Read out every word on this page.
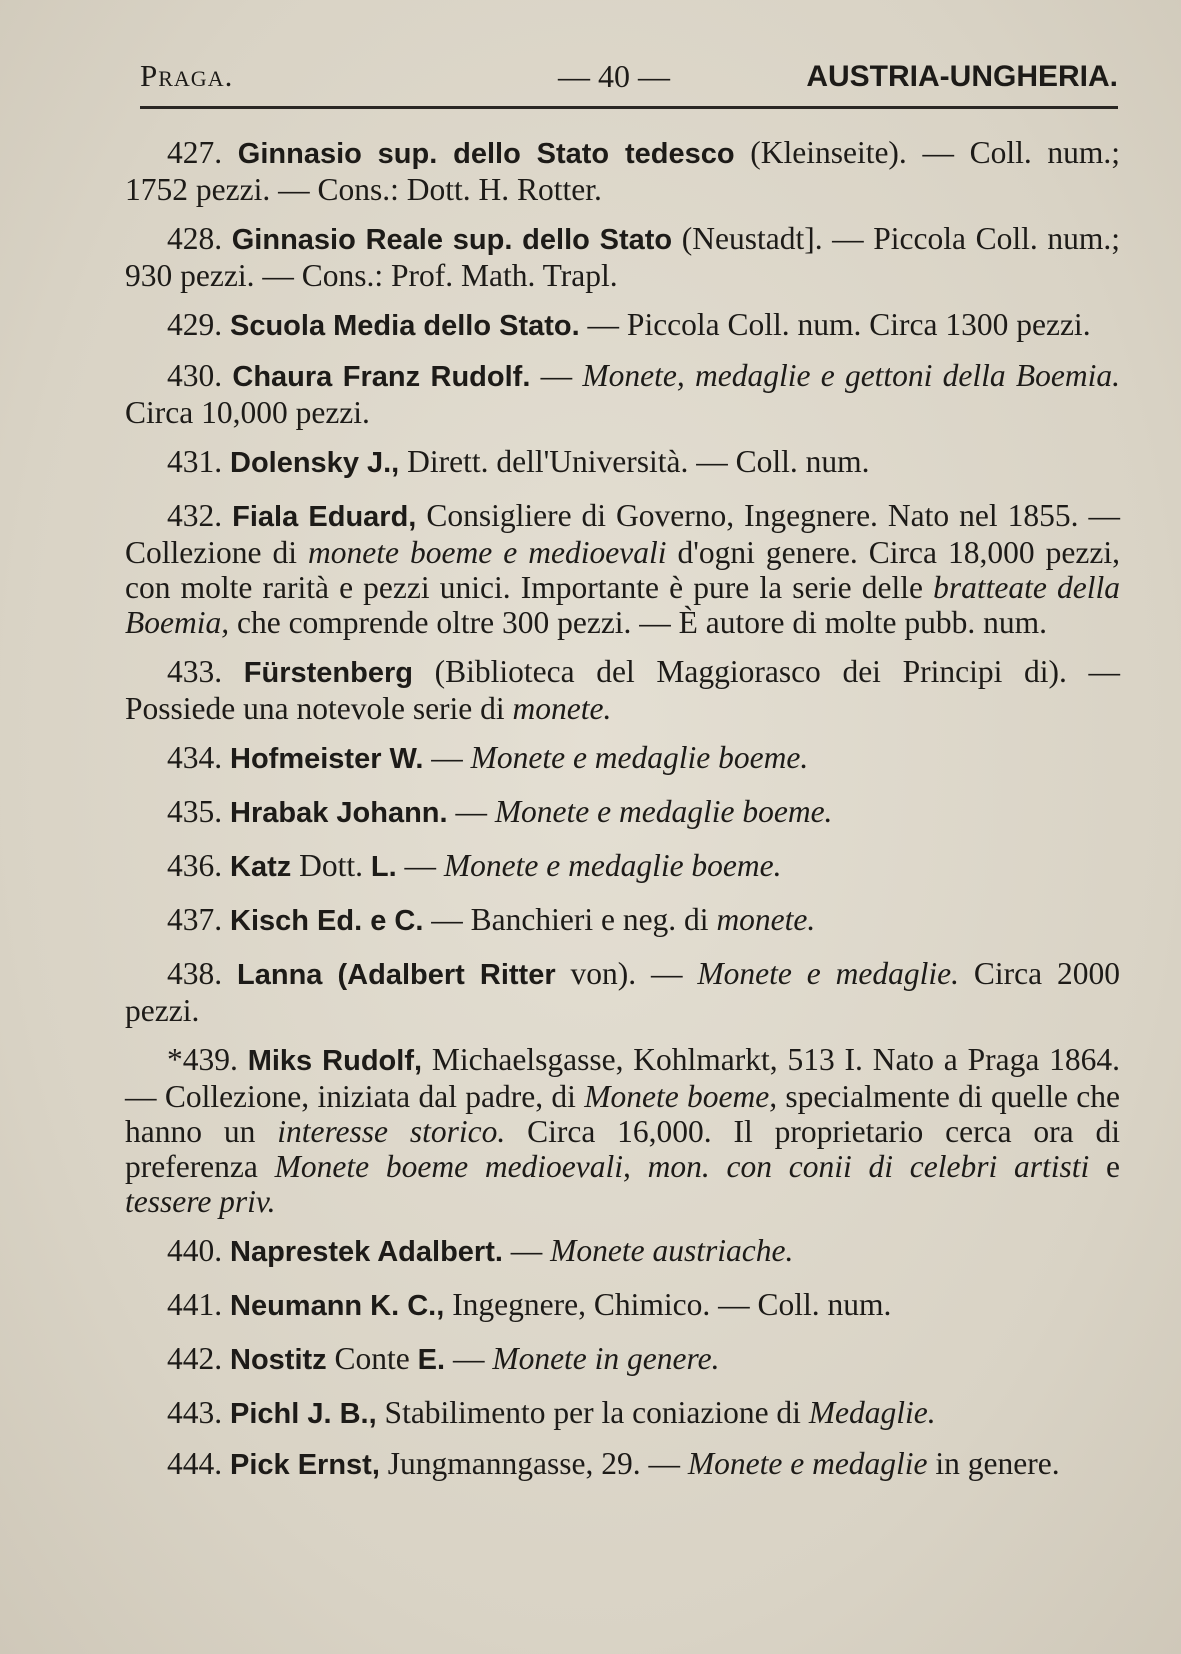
Praga.	— 40 —	AUSTRIA-UNGHERIA.

427. Ginnasio sup. dello Stato tedesco (Kleinseite). — Coll. num.; 1752 pezzi. — Cons.: Dott. H. Rotter.

428. Ginnasio Reale sup. dello Stato (Neustadt]. — Piccola Coll. num.; 930 pezzi. — Cons.: Prof. Math. Trapl.

429. Scuola Media dello Stato. — Piccola Coll. num. Circa 1300 pezzi.

430. Chaura Franz Rudolf. — Monete, medaglie e gettoni della Boemia. Circa 10,000 pezzi.

431. Dolensky J., Dirett. dell'Università. — Coll. num.

432. Fiala Eduard, Consigliere di Governo, Ingegnere. Nato nel 1855. — Collezione di monete boeme e medioevali d'ogni genere. Circa 18,000 pezzi, con molte rarità e pezzi unici. Importante è pure la serie delle bratteate della Boemia, che comprende oltre 300 pezzi. — È autore di molte pubb. num.

433. Fürstenberg (Biblioteca del Maggiorasco dei Principi di). — Possiede una notevole serie di monete.

434. Hofmeister W. — Monete e medaglie boeme.

435. Hrabak Johann. — Monete e medaglie boeme.

436. Katz Dott. L. — Monete e medaglie boeme.

437. Kisch Ed. e C. — Banchieri e neg. di monete.

438. Lanna (Adalbert Ritter von). — Monete e medaglie. Circa 2000 pezzi.

*439. Miks Rudolf, Michaelsgasse, Kohlmarkt, 513 I. Nato a Praga 1864. — Collezione, iniziata dal padre, di Monete boeme, specialmente di quelle che hanno un interesse storico. Circa 16,000. Il proprietario cerca ora di preferenza Monete boeme medioevali, mon. con conii di celebri artisti e tessere priv.

440. Naprestek Adalbert. — Monete austriache.

441. Neumann K. C., Ingegnere, Chimico. — Coll. num.

442. Nostitz Conte E. — Monete in genere.

443. Pichl J. B., Stabilimento per la coniazione di Medaglie.

444. Pick Ernst, Jungmanngasse, 29. — Monete e medaglie in genere.
